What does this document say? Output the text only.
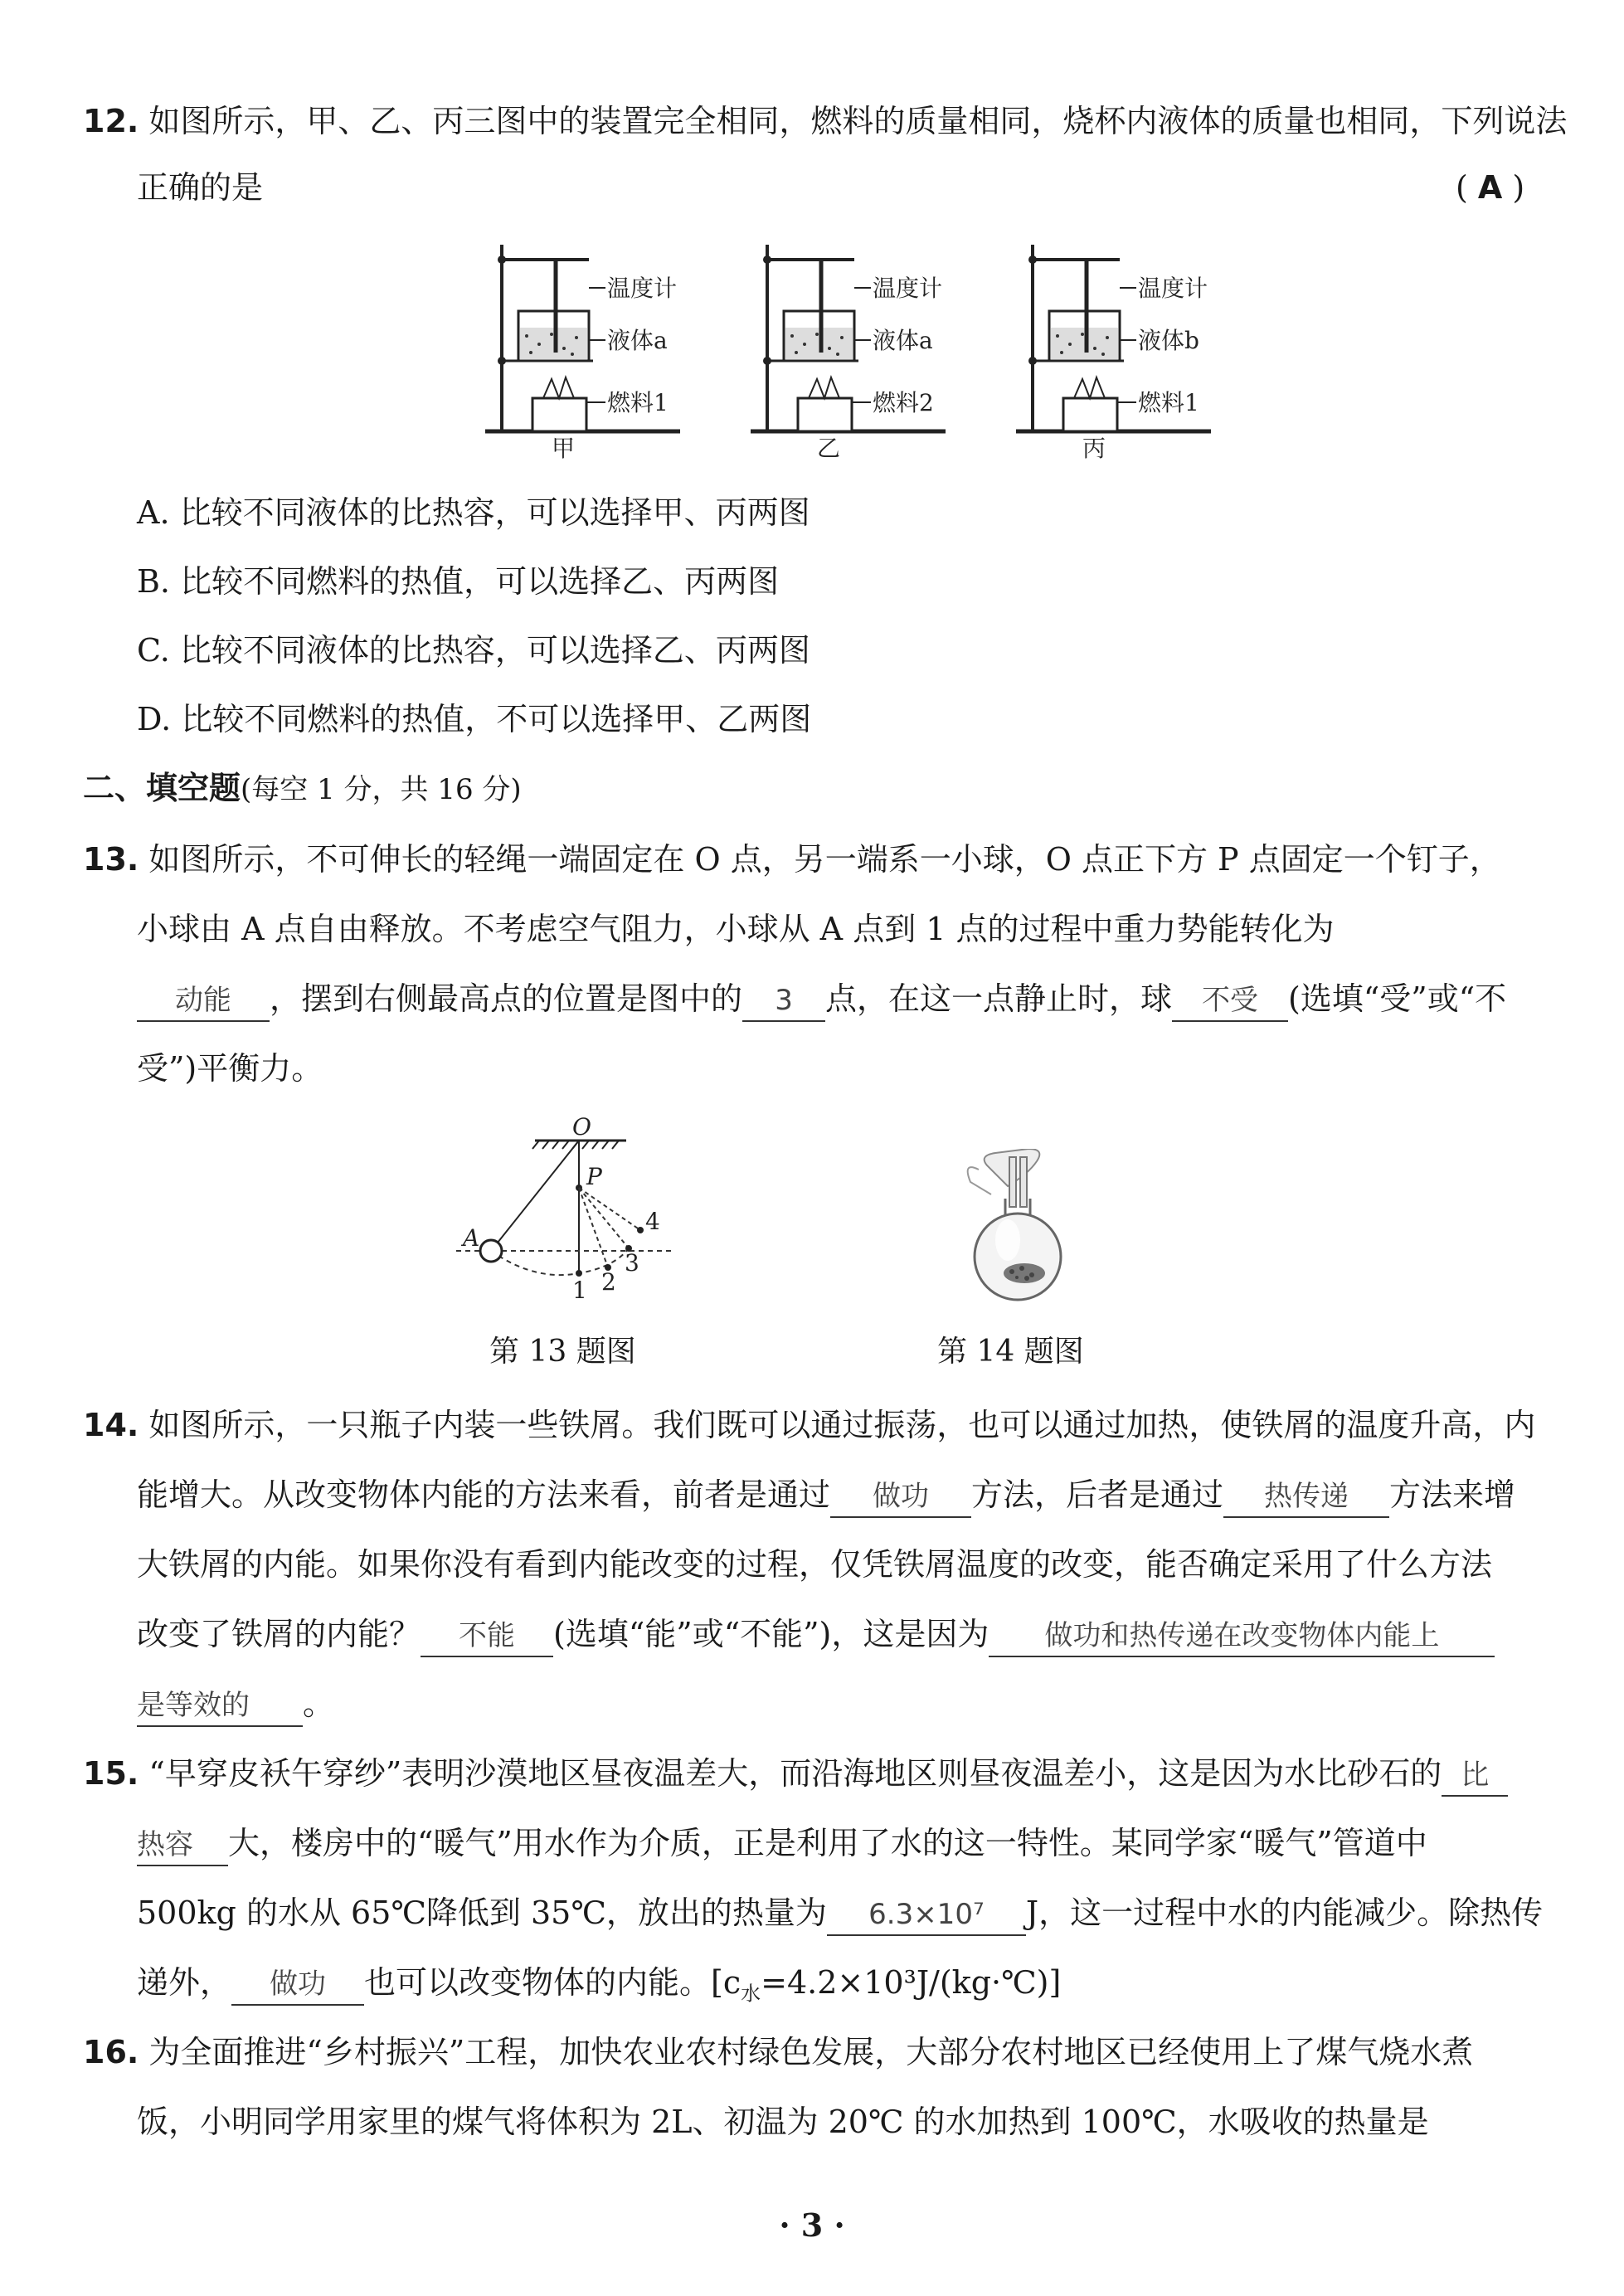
12. 如图所示，甲、乙、丙三图中的装置完全相同，燃料的质量相同，烧杯内液体的质量也相同，下列说法
正确的是	( A )
温度计
液体a
燃料1
甲
温度计
液体a
燃料2
乙
温度计
液体b
燃料1
丙
A. 比较不同液体的比热容，可以选择甲、丙两图
B. 比较不同燃料的热值，可以选择乙、丙两图
C. 比较不同液体的比热容，可以选择乙、丙两图
D. 比较不同燃料的热值，不可以选择甲、乙两图
二、填空题(每空 1 分，共 16 分)
13. 如图所示，不可伸长的轻绳一端固定在 O 点，另一端系一小球，O 点正下方 P 点固定一个钉子，
小球由 A 点自由释放。不考虑空气阻力，小球从 A 点到 1 点的过程中重力势能转化为
动能 ，摆到右侧最高点的位置是图中的 3 点，在这一点静止时，球 不受 (选填“受”或“不
受”)平衡力。
O
P
A
1 2
3
4
第 13 题图	第 14 题图
14. 如图所示，一只瓶子内装一些铁屑。我们既可以通过振荡，也可以通过加热，使铁屑的温度升高，内
能增大。从改变物体内能的方法来看，前者是通过 做功 方法，后者是通过 热传递 方法来增
大铁屑的内能。如果你没有看到内能改变的过程，仅凭铁屑温度的改变，能否确定采用了什么方法
改变了铁屑的内能？ 不能 (选填“能”或“不能”)，这是因为 做功和热传递在改变物体内能上
是等效的 。
15. “早穿皮袄午穿纱”表明沙漠地区昼夜温差大，而沿海地区则昼夜温差小，这是因为水比砂石的 比
热容 大，楼房中的“暖气”用水作为介质，正是利用了水的这一特性。某同学家“暖气”管道中
500kg 的水从 65℃降低到 35℃，放出的热量为 6.3×10⁷ J，这一过程中水的内能减少。除热传
递外， 做功 也可以改变物体的内能。$[c_水=4.2\times 10^3J/(kg\cdot℃)]$
16. 为全面推进“乡村振兴”工程，加快农业农村绿色发展，大部分农村地区已经使用上了煤气烧水煮
饭，小明同学用家里的煤气将体积为 2L、初温为 20℃ 的水加热到 100℃，水吸收的热量是
· 3 ·
